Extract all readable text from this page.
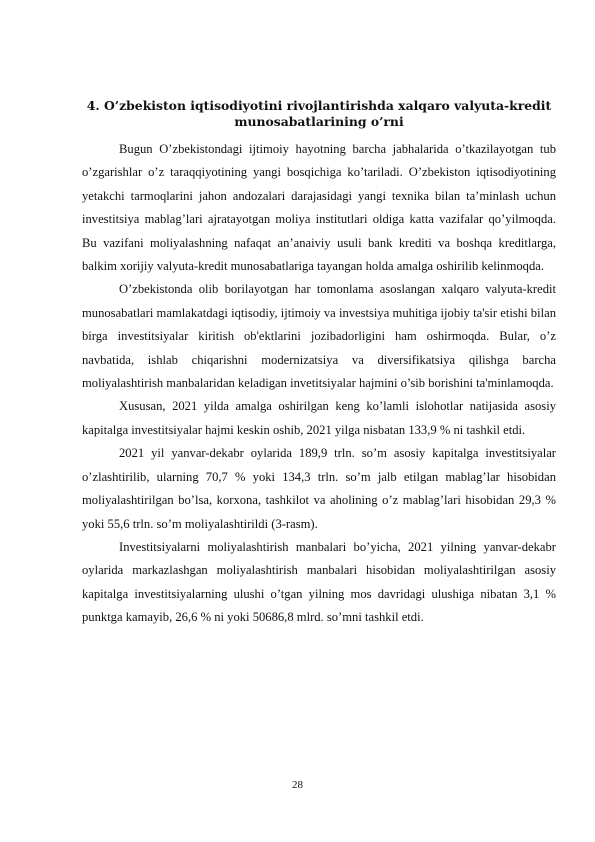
4. O’zbekiston iqtisodiyotini rivojlantirishda xalqaro valyuta-kredit munosabatlarining o’rni

Bugun O’zbekistondagi ijtimoiy hayotning barcha jabhalarida o’tkazilayotgan tub o’zgarishlar o’z taraqqiyotining yangi bosqichiga ko’tariladi. O’zbekiston iqtisodiyotining yetakchi tarmoqlarini jahon andozalari darajasidagi yangi texnika bilan ta’minlash uchun investitsiya mablag’lari ajratayotgan moliya institutlari oldiga katta vazifalar qo’yilmoqda. Bu vazifani moliyalashning nafaqat an’anaiviy usuli bank krediti va boshqa kreditlarga, balkim xorijiy valyuta-kredit munosabatlariga tayangan holda amalga oshirilib kelinmoqda.

O’zbekistonda olib borilayotgan har tomonlama asoslangan xalqaro valyuta-kredit munosabatlari mamlakatdagi iqtisodiy, ijtimoiy va investsiya muhitiga ijobiy ta'sir etishi bilan birga investitsiyalar kiritish ob'ektlarini jozibadorligini ham oshirmoqda. Bular, o’z navbatida, ishlab chiqarishni modernizatsiya va diversifikatsiya qilishga barcha moliyalashtirish manbalaridan keladigan invetitsiyalar hajmini o’sib borishini ta'minlamoqda.

Xususan, 2021 yilda amalga oshirilgan keng ko’lamli islohotlar natijasida asosiy kapitalga investitsiyalar hajmi keskin oshib, 2021 yilga nisbatan 133,9 % ni tashkil etdi.

2021 yil yanvar-dekabr oylarida 189,9 trln. so’m asosiy kapitalga investitsiyalar o’zlashtirilib, ularning 70,7 % yoki 134,3 trln. so’m jalb etilgan mablag’lar hisobidan moliyalashtirilgan bo’lsa, korxona, tashkilot va aholining o’z mablag’lari hisobidan 29,3 % yoki 55,6 trln. so’m moliyalashtirildi (3-rasm).

Investitsiyalarni moliyalashtirish manbalari bo’yicha, 2021 yilning yanvar-dekabr oylarida markazlashgan moliyalashtirish manbalari hisobidan moliyalashtirilgan asosiy kapitalga investitsiyalarning ulushi o’tgan yilning mos davridagi ulushiga nibatan 3,1 % punktga kamayib, 26,6 % ni yoki 50686,8 mlrd. so’mni tashkil etdi.

28
